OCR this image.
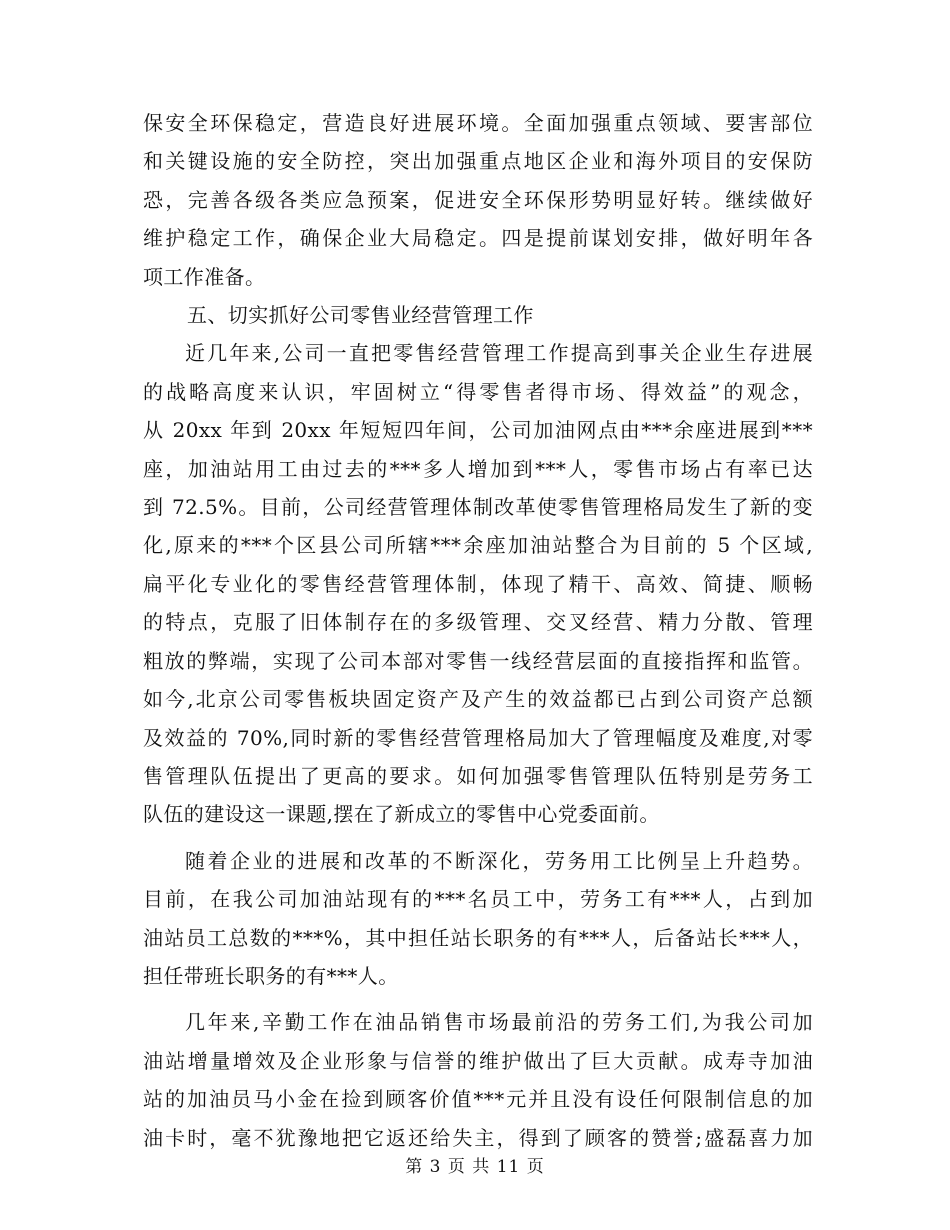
保安全环保稳定，营造良好进展环境。全面加强重点领域、要害部位
和关键设施的安全防控，突出加强重点地区企业和海外项目的安保防
恐，完善各级各类应急预案，促进安全环保形势明显好转。继续做好
维护稳定工作，确保企业大局稳定。四是提前谋划安排，做好明年各
项工作准备。
五、切实抓好公司零售业经营管理工作
近几年来,公司一直把零售经营管理工作提高到事关企业生存进展
的战略高度来认识，牢固树立“得零售者得市场、得效益”的观念，
从 20xx 年到 20xx 年短短四年间，公司加油网点由***余座进展到***
座，加油站用工由过去的***多人增加到***人，零售市场占有率已达
到 72.5%。目前，公司经营管理体制改革使零售管理格局发生了新的变
化,原来的***个区县公司所辖***余座加油站整合为目前的 5 个区域,
扁平化专业化的零售经营管理体制，体现了精干、高效、简捷、顺畅
的特点，克服了旧体制存在的多级管理、交叉经营、精力分散、管理
粗放的弊端，实现了公司本部对零售一线经营层面的直接指挥和监管。
如今,北京公司零售板块固定资产及产生的效益都已占到公司资产总额
及效益的 70%,同时新的零售经营管理格局加大了管理幅度及难度,对零
售管理队伍提出了更高的要求。如何加强零售管理队伍特别是劳务工
队伍的建设这一课题,摆在了新成立的零售中心党委面前。
随着企业的进展和改革的不断深化，劳务用工比例呈上升趋势。
目前，在我公司加油站现有的***名员工中，劳务工有***人，占到加
油站员工总数的***%，其中担任站长职务的有***人，后备站长***人，
担任带班长职务的有***人。
几年来,辛勤工作在油品销售市场最前沿的劳务工们,为我公司加
油站增量增效及企业形象与信誉的维护做出了巨大贡献。成寿寺加油
站的加油员马小金在捡到顾客价值***元并且没有设任何限制信息的加
油卡时，毫不犹豫地把它返还给失主，得到了顾客的赞誉;盛磊喜力加
第 3 页 共 11 页
